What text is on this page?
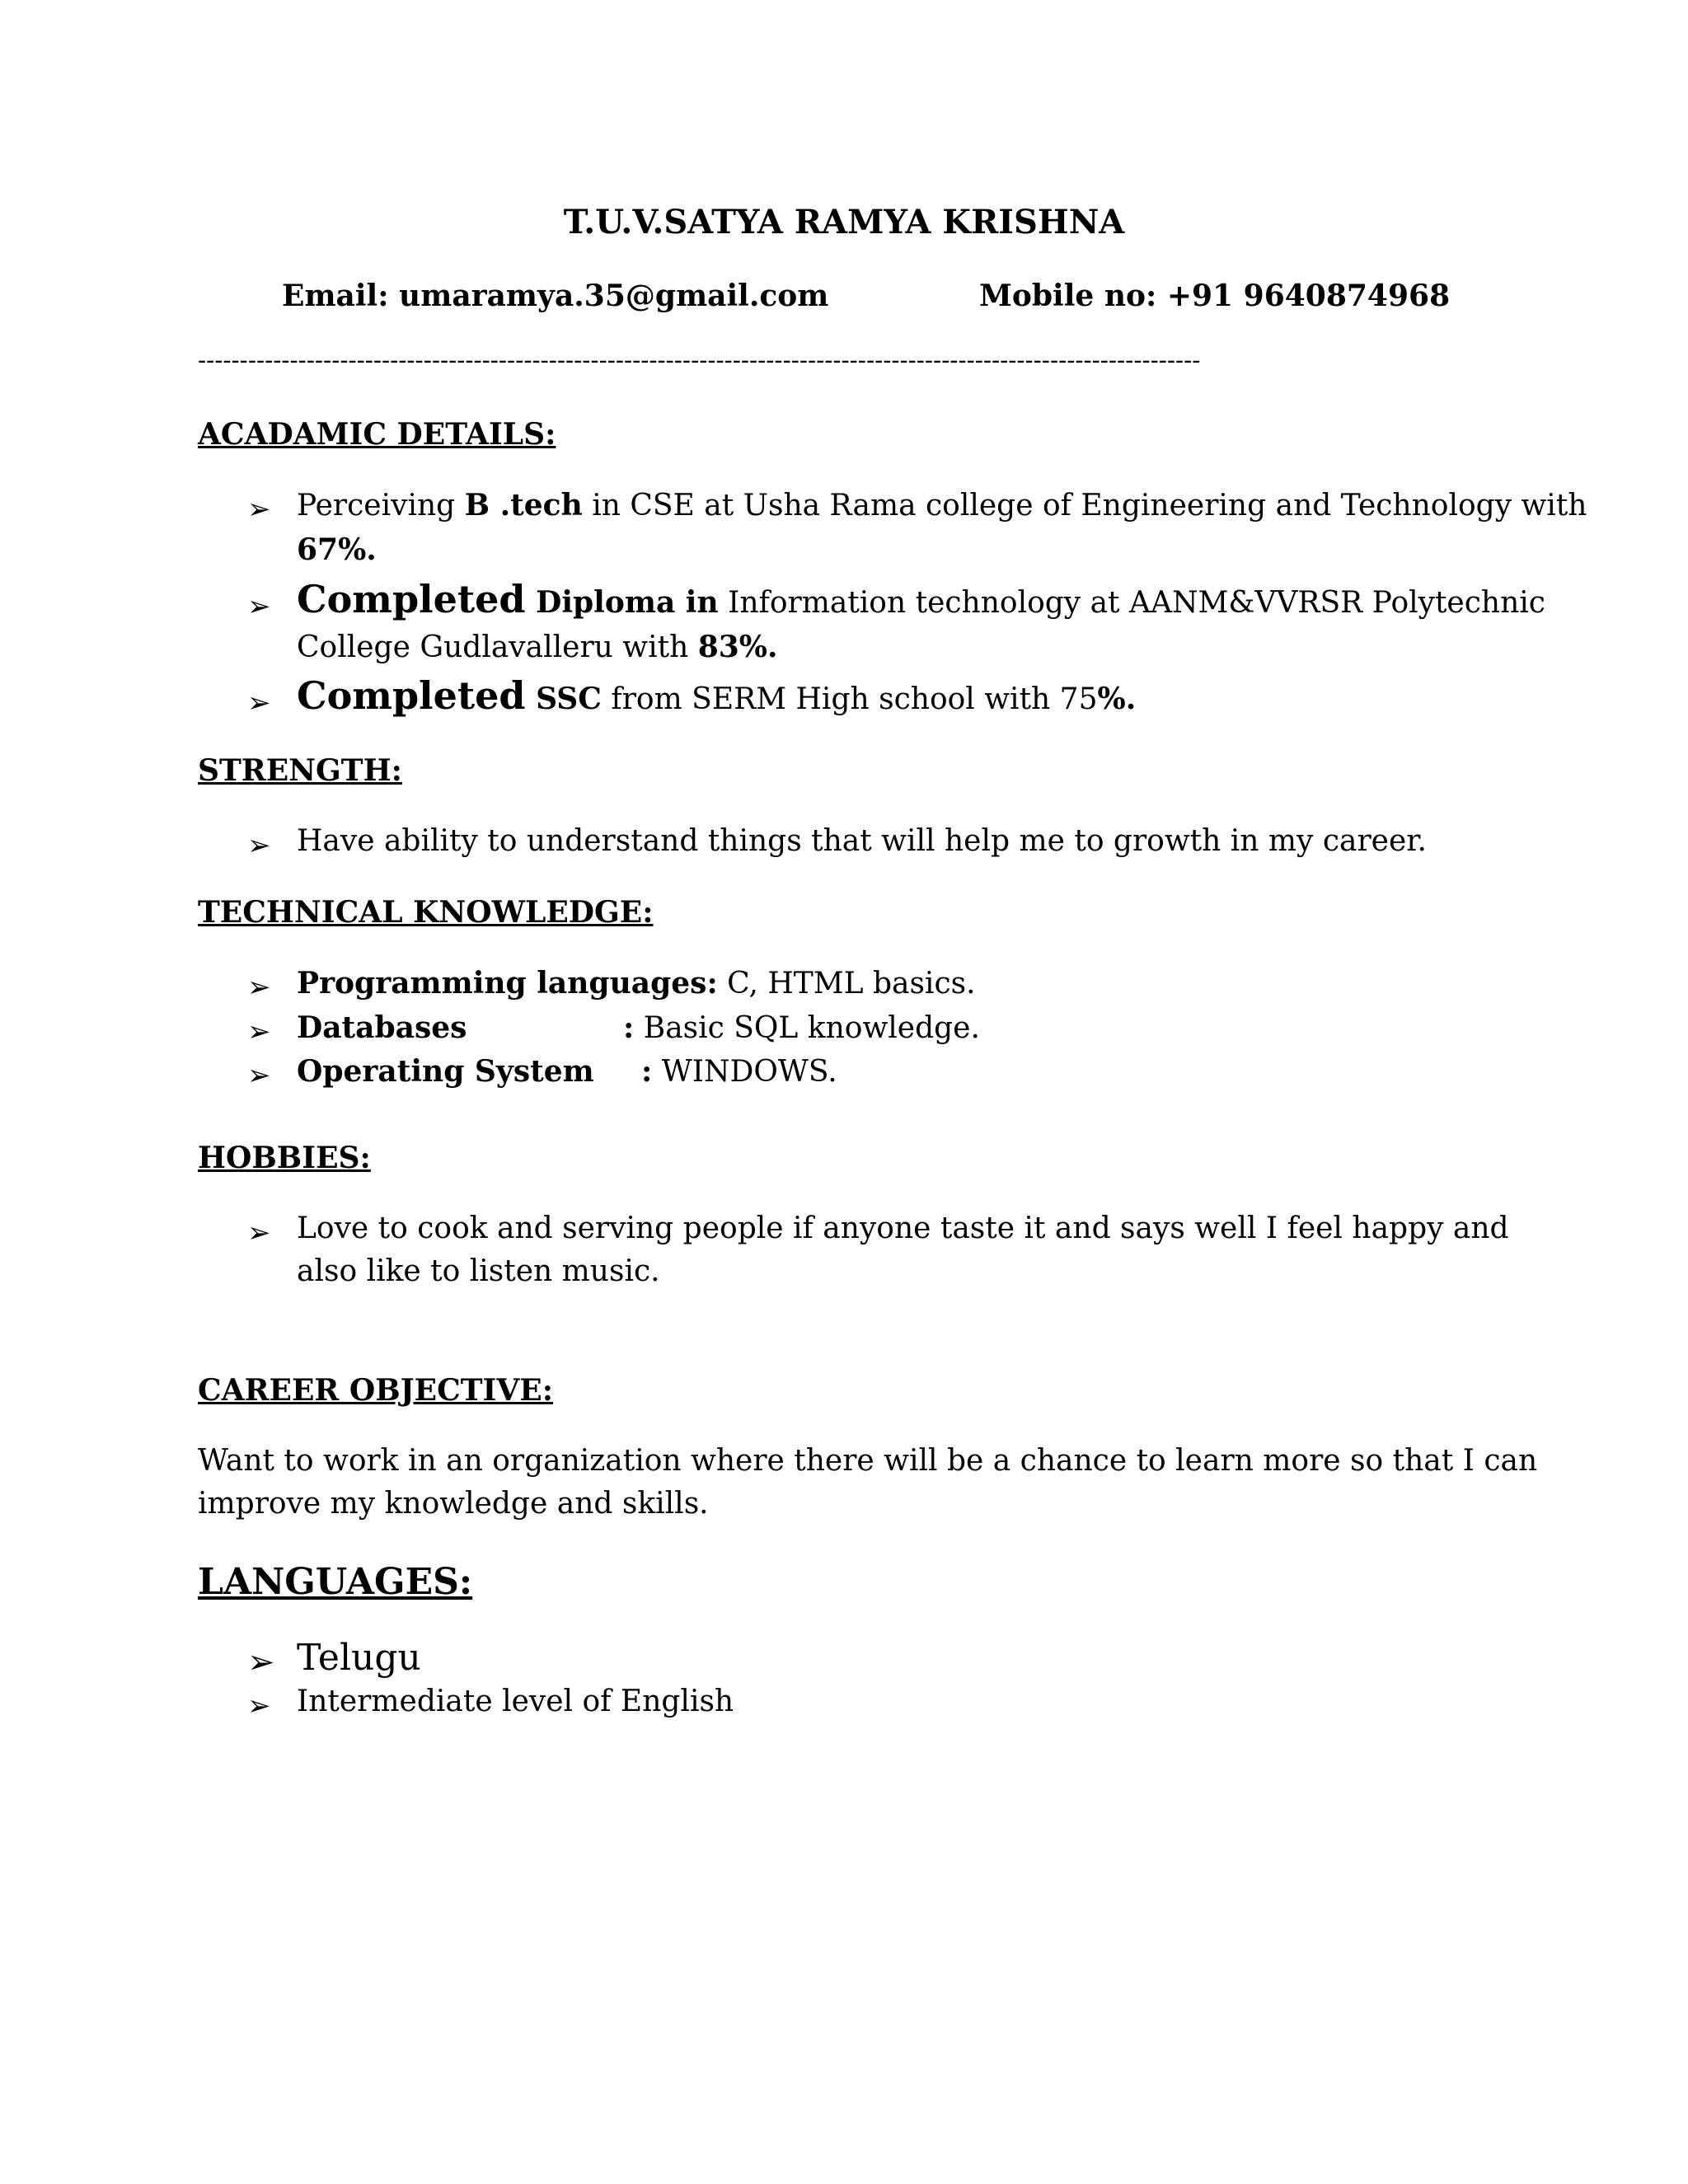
T.U.V.SATYA RAMYA KRISHNA
Email: umaramya.35@gmail.com	Mobile no: +91 9640874968
------------------------------------------------------------------------------------------------------------------------
ACADAMIC DETAILS:
➢ Perceiving B .tech in CSE at Usha Rama college of Engineering and Technology with
67%.
➢ Completed Diploma in Information technology at AANM&VVRSR Polytechnic
College Gudlavalleru with 83%.
➢ Completed SSC from SERM High school with 75%.
STRENGTH:
➢ Have ability to understand things that will help me to growth in my career.
TECHNICAL KNOWLEDGE:
➢ Programming languages: C, HTML basics.
➢ Databases	: Basic SQL knowledge.
➢ Operating System : WINDOWS.
HOBBIES:
➢ Love to cook and serving people if anyone taste it and says well I feel happy and
also like to listen music.
CAREER OBJECTIVE:
Want to work in an organization where there will be a chance to learn more so that I can
improve my knowledge and skills.
LANGUAGES:
➢ Telugu
➢ Intermediate level of English
